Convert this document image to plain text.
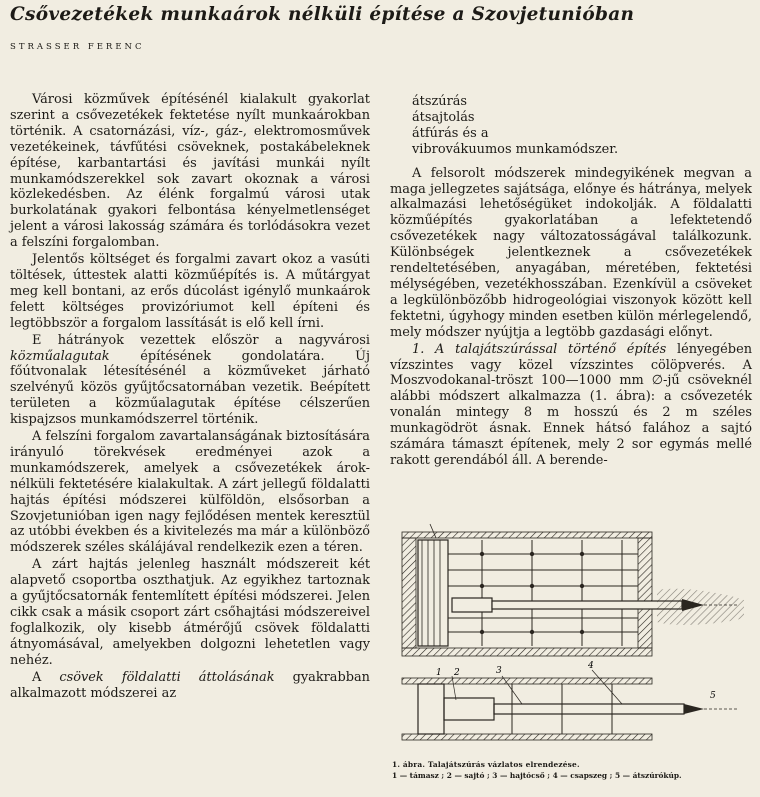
Csővezetékek munkaárok nélküli építése a Szovjetunióban
STRASSER FERENC

Városi közművek építésénél kialakult gyakorlat szerint a csővezetékek fektetése nyílt munkaárokban történik. A csatornázási, víz-, gáz-, elektromosművek vezetékeinek, távfűtési csöveknek, postakábeleknek építése, karbantartási és javítási munkái nyílt munkamódszerekkel sok zavart okoznak a városi közlekedésben. Az élénk forgalmú városi utak burkolatának gyakori felbontása kényelmetlenséget jelent a városi lakosság számára és torlódásokra vezet a felszíni forgalomban.

Jelentős költséget és forgalmi zavart okoz a vasúti töltések, úttestek alatti közműépítés is. A műtárgyat meg kell bontani, az erős dúcolást igénylő munkaárok felett költséges provizóriumot kell építeni és legtöbbször a forgalom lassítását is elő kell írni.

E hátrányok vezettek először a nagyvárosi közműalagutak építésének gondolatára. Új főútvonalak létesítésénél a közműveket járható szelvényű közös gyűjtőcsatornában vezetik. Beépített területen a közműalagutak építése célszerűen kispajzsos munkamódszerrel történik.

A felszíni forgalom zavartalanságának biztosítására irányuló törekvések eredményei azok a munkamódszerek, amelyek a csővezetékek árok-nélküli fektetésére kialakultak. A zárt jellegű földalatti hajtás építési módszerei külföldön, elsősorban a Szovjetunióban igen nagy fejlődésen mentek keresztül az utóbbi években és a kivitelezés ma már a különböző módszerek széles skálájával rendelkezik ezen a téren.

A zárt hajtás jelenleg használt módszereit két alapvető csoportba oszthatjuk. Az egyikhez tartoznak a gyűjtőcsatornák fentemlített építési módszerei. Jelen cikk csak a másik csoport zárt csőhajtási módszereivel foglalkozik, oly kisebb átmérőjű csövek földalatti átnyomásával, amelyekben dolgozni lehetetlen vagy nehéz.

A csövek földalatti áttolásának gyakrabban alkalmazott módszerei az

átszúrás
átsajtolás
átfúrás és a
vibrovákuumos munkamódszer.

A felsorolt módszerek mindegyikének megvan a maga jellegzetes sajátsága, előnye és hátránya, melyek alkalmazási lehetőségüket indokolják. A földalatti közműépítés gyakorlatában a lefektetendő csővezetékek nagy változatosságával találkozunk. Különbségek jelentkeznek a csővezetékek rendeltetésében, anyagában, méretében, fektetési mélységében, vezetékhosszában. Ezenkívül a csöveket a legkülönbözőbb hidrogeológiai viszonyok között kell fektetni, úgyhogy minden esetben külön mérlegelendő, mely módszer nyújtja a legtöbb gazdasági előnyt.

1. A talajátszúrással történő építés lényegében vízszintes vagy közel vízszintes cölöpverés. A Moszvodokanal-tröszt 100—1000 mm ∅-jű csöveknél alábbi módszert alkalmazza (1. ábra): a csővezeték vonalán mintegy 8 m hosszú és 2 m széles munkagödröt ásnak. Ennek hátsó falához a sajtó számára támaszt építenek, mely 2 sor egymás mellé rakott gerendából áll. A berende-

1 2	3	4
5
1. ábra. Talajátszúrás vázlatos elrendezése.
1 — támasz ; 2 — sajtó ; 3 — hajtócső ; 4 — csapszeg ; 5 — átszúrókúp.
